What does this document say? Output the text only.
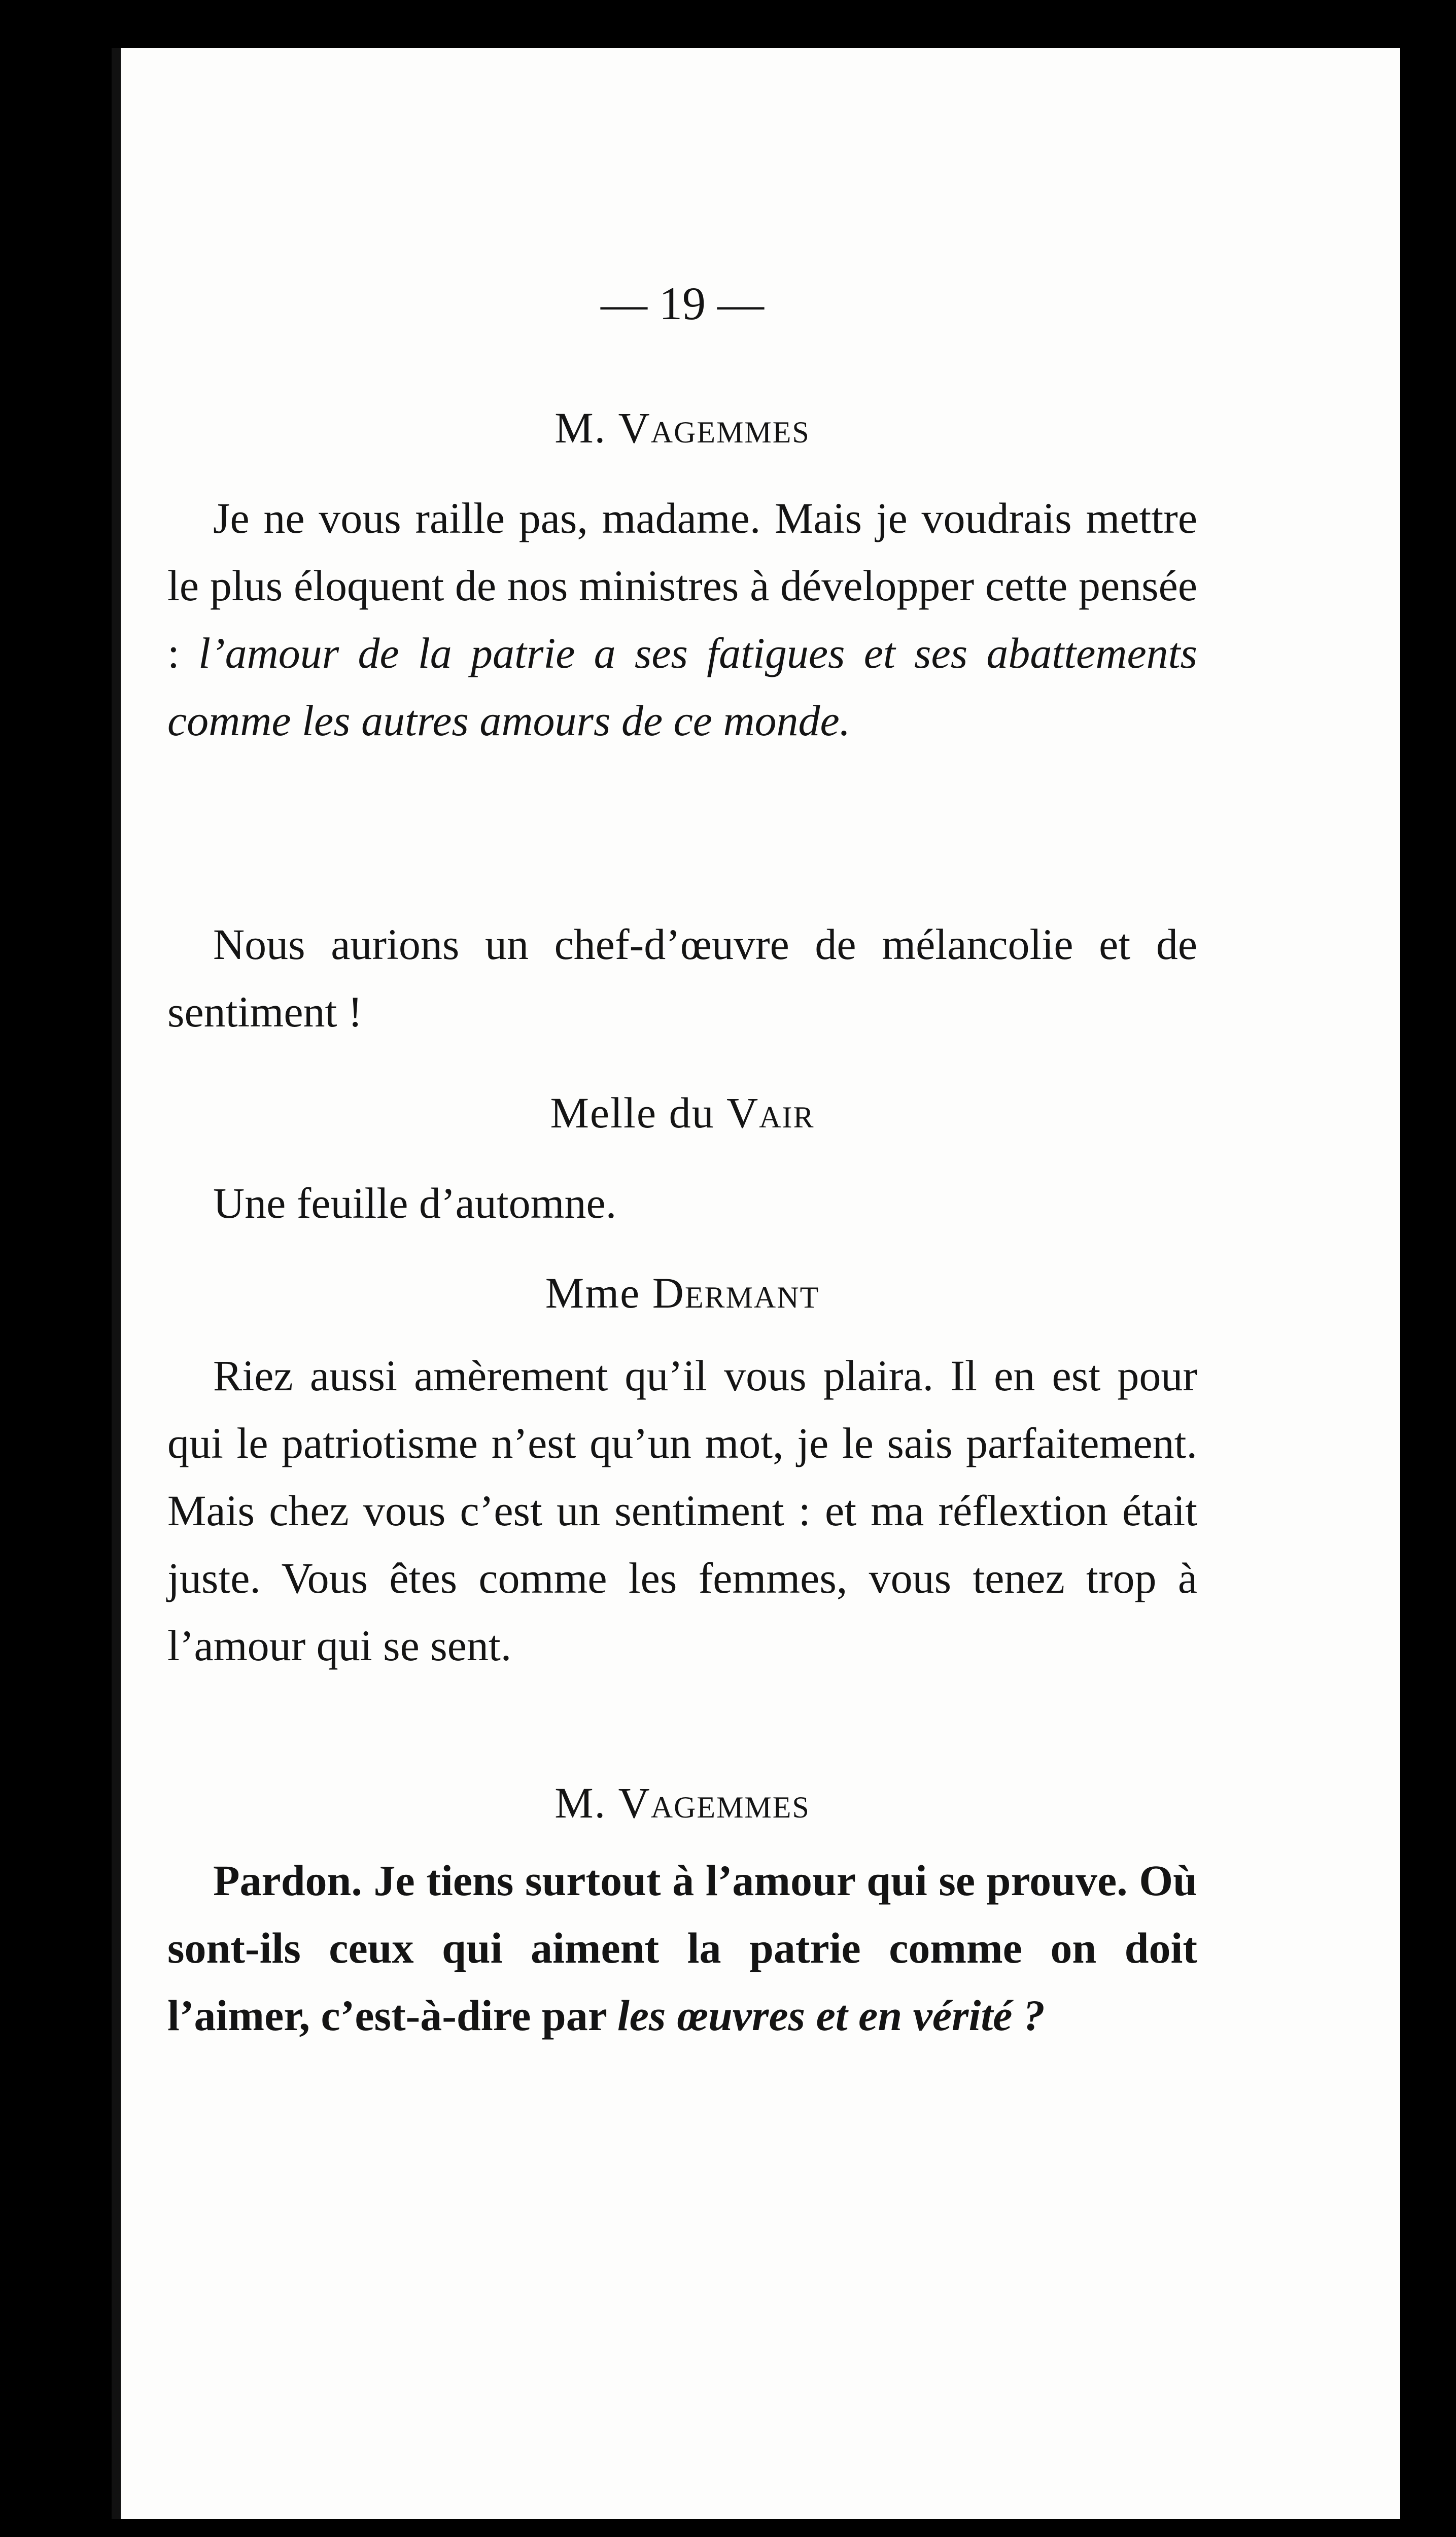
— 19 —

M. Vagemmes

Je ne vous raille pas, madame. Mais je voudrais mettre le plus éloquent de nos ministres à développer cette pensée : l’amour de la patrie a ses fatigues et ses abattements comme les autres amours de ce monde.

Nous aurions un chef-d’œuvre de mélancolie et de sentiment !

Melle du Vair

Une feuille d’automne.

Mme Dermant

Riez aussi amèrement qu’il vous plaira. Il en est pour qui le patriotisme n’est qu’un mot, je le sais parfaitement. Mais chez vous c’est un sentiment : et ma réflextion était juste. Vous êtes comme les femmes, vous tenez trop à l’amour qui se sent.

M. Vagemmes

Pardon. Je tiens surtout à l’amour qui se prouve. Où sont-ils ceux qui aiment la patrie comme on doit l’aimer, c’est-à-dire par les œuvres et en vérité ?
